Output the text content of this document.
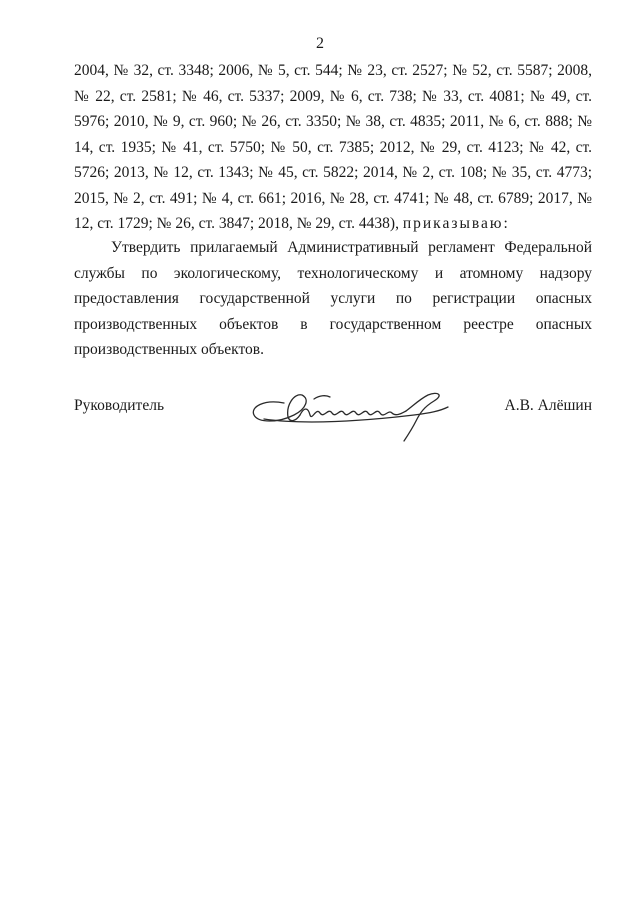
2
2004, № 32, ст. 3348; 2006, № 5, ст. 544; № 23, ст. 2527; № 52, ст. 5587; 2008, № 22, ст. 2581; № 46, ст. 5337; 2009, № 6, ст. 738; № 33, ст. 4081; № 49, ст. 5976; 2010, № 9, ст. 960; № 26, ст. 3350; № 38, ст. 4835; 2011, № 6, ст. 888; № 14, ст. 1935; № 41, ст. 5750; № 50, ст. 7385; 2012, № 29, ст. 4123; № 42, ст. 5726; 2013, № 12, ст. 1343; № 45, ст. 5822; 2014, № 2, ст. 108; № 35, ст. 4773; 2015, № 2, ст. 491; № 4, ст. 661; 2016, № 28, ст. 4741; № 48, ст. 6789; 2017, № 12, ст. 1729; № 26, ст. 3847; 2018, № 29, ст. 4438), приказываю:
Утвердить прилагаемый Административный регламент Федеральной службы по экологическому, технологическому и атомному надзору предоставления государственной услуги по регистрации опасных производственных объектов в государственном реестре опасных производственных объектов.
Руководитель	А.В. Алёшин
